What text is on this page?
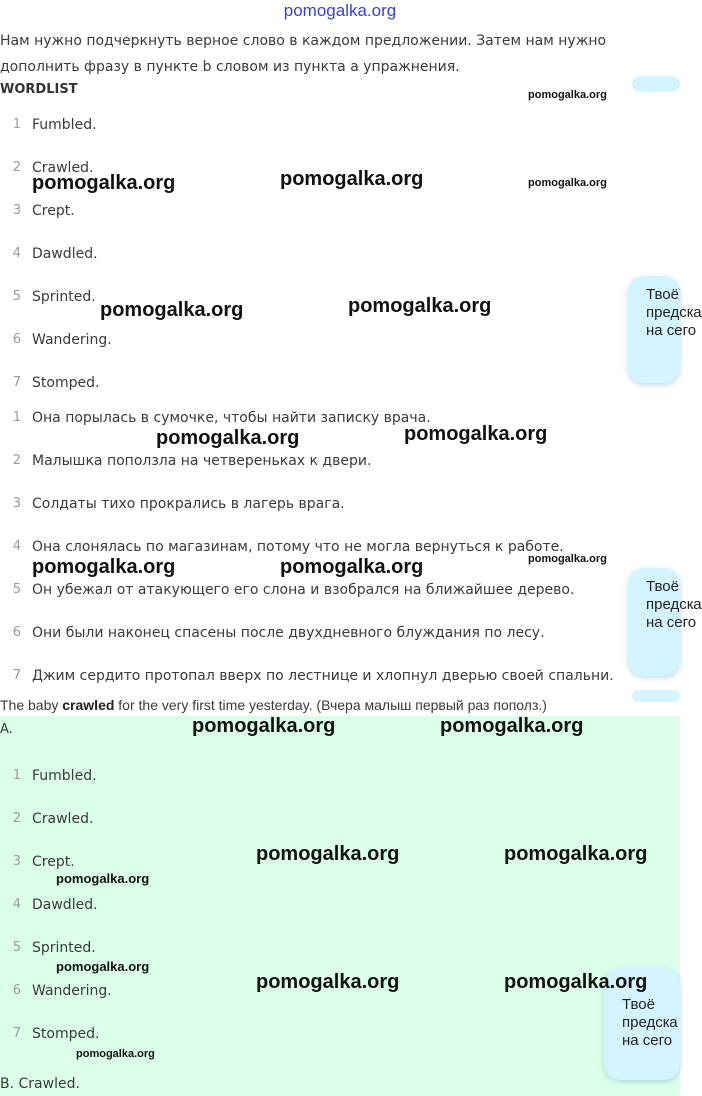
pomogalka.org
Нам нужно подчеркнуть верное слово в каждом предложении. Затем нам нужно
дополнить фразу в пункте b словом из пункта а упражнения.
WORDLIST
1 Fumbled.
2 Crawled.
3 Crept.
4 Dawdled.
5 Sprinted.
6 Wandering.
7 Stomped.
1 Она порылась в сумочке, чтобы найти записку врача.
2 Малышка поползла на четвереньках к двери.
3 Солдаты тихо прокрались в лагерь врага.
4 Она слонялась по магазинам, потому что не могла вернуться к работе.
5 Он убежал от атакующего его слона и взобрался на ближайшее дерево.
6 Они были наконец спасены после двухдневного блуждания по лесу.
7 Джим сердито протопал вверх по лестнице и хлопнул дверью своей спальни.
The baby crawled for the very first time yesterday. (Вчера малыш первый раз пополз.)
A.
1 Fumbled.
2 Crawled.
3 Crept.
4 Dawdled.
5 Sprinted.
6 Wandering.
7 Stomped.
B. Crawled.
Твоё
предскa
на сего
Твоё
предскa
на сего
Твоё
предскa
на сего
pomogalka.org
pomogalka.org	pomogalka.org	pomogalka.org
pomogalka.org	pomogalka.org
pomogalka.org	pomogalka.org
pomogalka.org
pomogalka.org	pomogalka.org
pomogalka.org	pomogalka.org
pomogalka.org	pomogalka.org
pomogalka.org
pomogalka.org
pomogalka.org	pomogalka.org
pomogalka.org
